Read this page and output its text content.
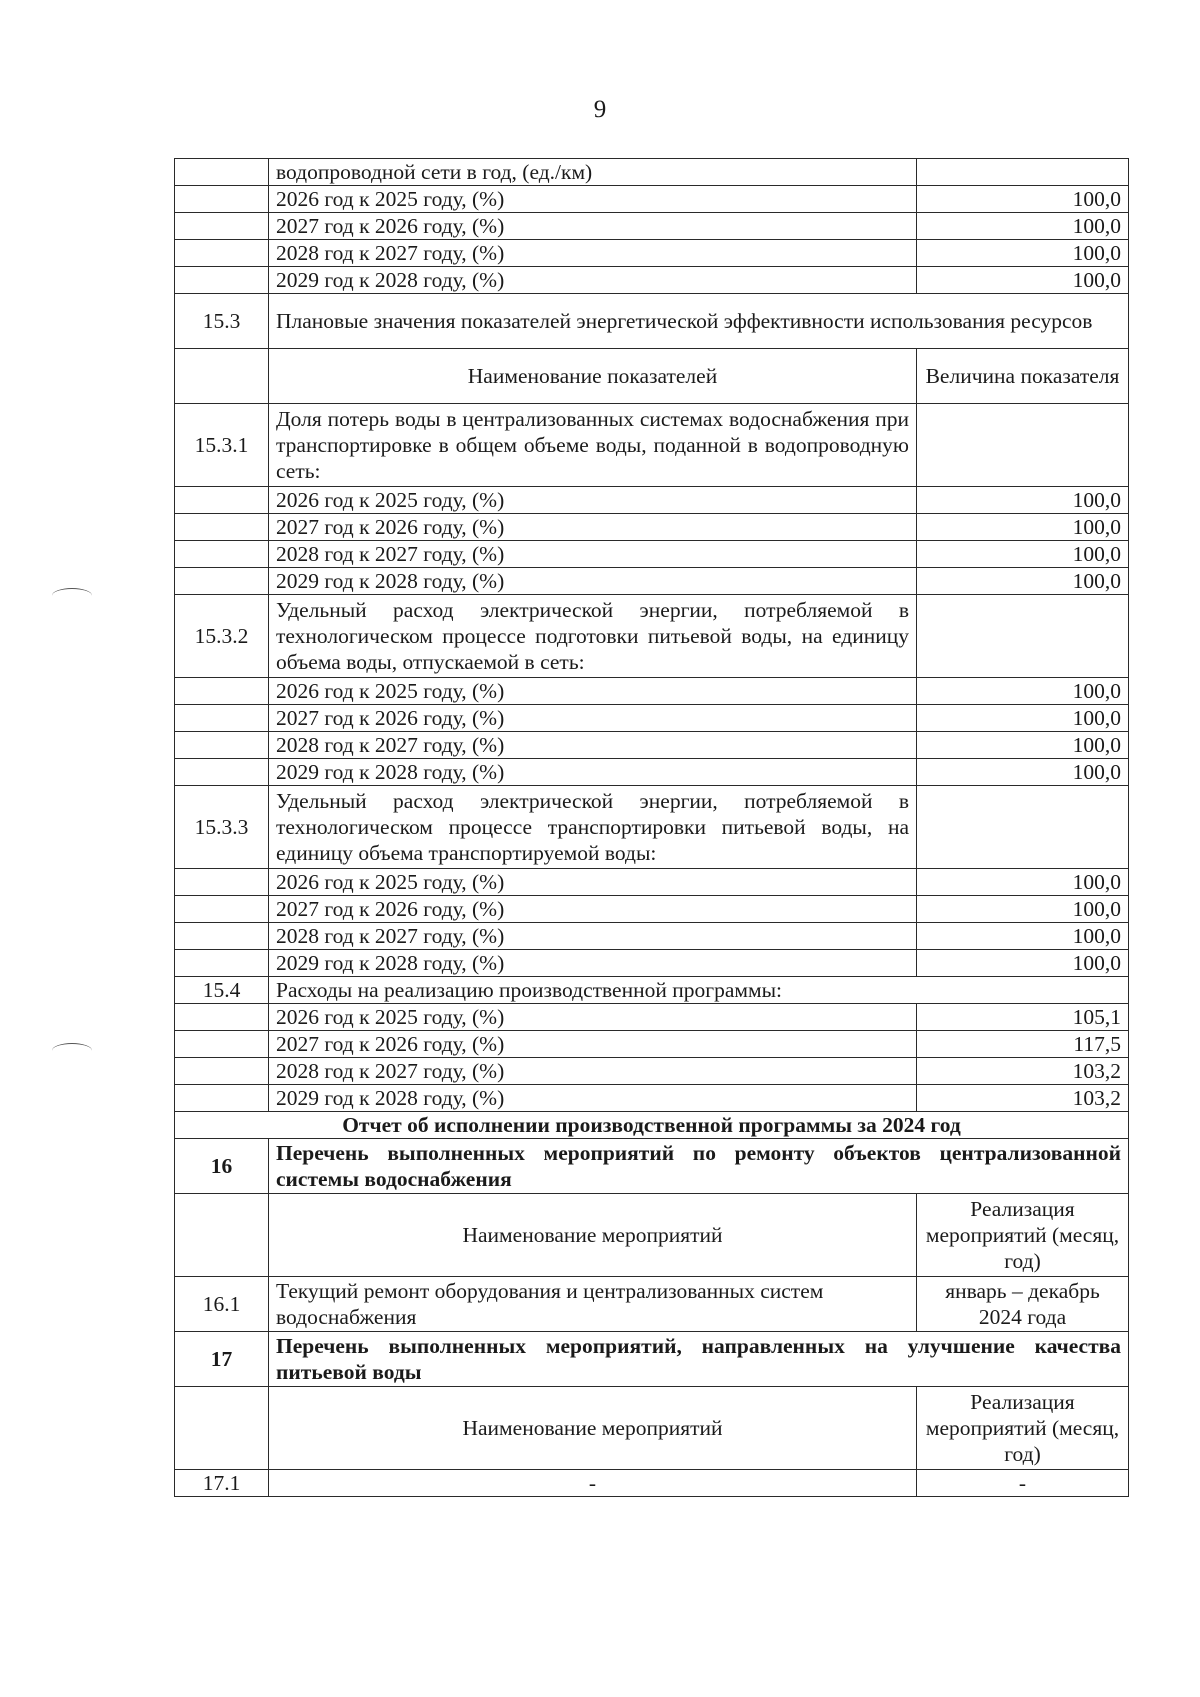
9
	водопроводной сети в год, (ед./км)	
	2026 год к 2025 году, (%)	100,0
	2027 год к 2026 году, (%)	100,0
	2028 год к 2027 году, (%)	100,0
	2029 год к 2028 году, (%)	100,0
15.3	Плановые значения показателей энергетической эффективности использования ресурсов	
	Наименование показателей	Величина показателя
15.3.1	Доля потерь воды в централизованных системах водоснабжения при транспортировке в общем объеме воды, поданной в водопроводную сеть:	
	2026 год к 2025 году, (%)	100,0
	2027 год к 2026 году, (%)	100,0
	2028 год к 2027 году, (%)	100,0
	2029 год к 2028 году, (%)	100,0
15.3.2	Удельный расход электрической энергии, потребляемой в технологическом процессе подготовки питьевой воды, на единицу объема воды, отпускаемой в сеть:	
	2026 год к 2025 году, (%)	100,0
	2027 год к 2026 году, (%)	100,0
	2028 год к 2027 году, (%)	100,0
	2029 год к 2028 году, (%)	100,0
15.3.3	Удельный расход электрической энергии, потребляемой в технологическом процессе транспортировки питьевой воды, на единицу объема транспортируемой воды:	
	2026 год к 2025 году, (%)	100,0
	2027 год к 2026 году, (%)	100,0
	2028 год к 2027 году, (%)	100,0
	2029 год к 2028 году, (%)	100,0
15.4	Расходы на реализацию производственной программы:	
	2026 год к 2025 году, (%)	105,1
	2027 год к 2026 году, (%)	117,5
	2028 год к 2027 году, (%)	103,2
	2029 год к 2028 году, (%)	103,2
Отчет об исполнении производственной программы за 2024 год		
16	Перечень выполненных мероприятий по ремонту объектов централизованной системы водоснабжения	
	Наименование мероприятий	Реализация мероприятий (месяц, год)
16.1	Текущий ремонт оборудования и централизованных систем водоснабжения	январь – декабрь 2024 года
17	Перечень выполненных мероприятий, направленных на улучшение качества питьевой воды	
	Наименование мероприятий	Реализация мероприятий (месяц, год)
17.1	-	-
